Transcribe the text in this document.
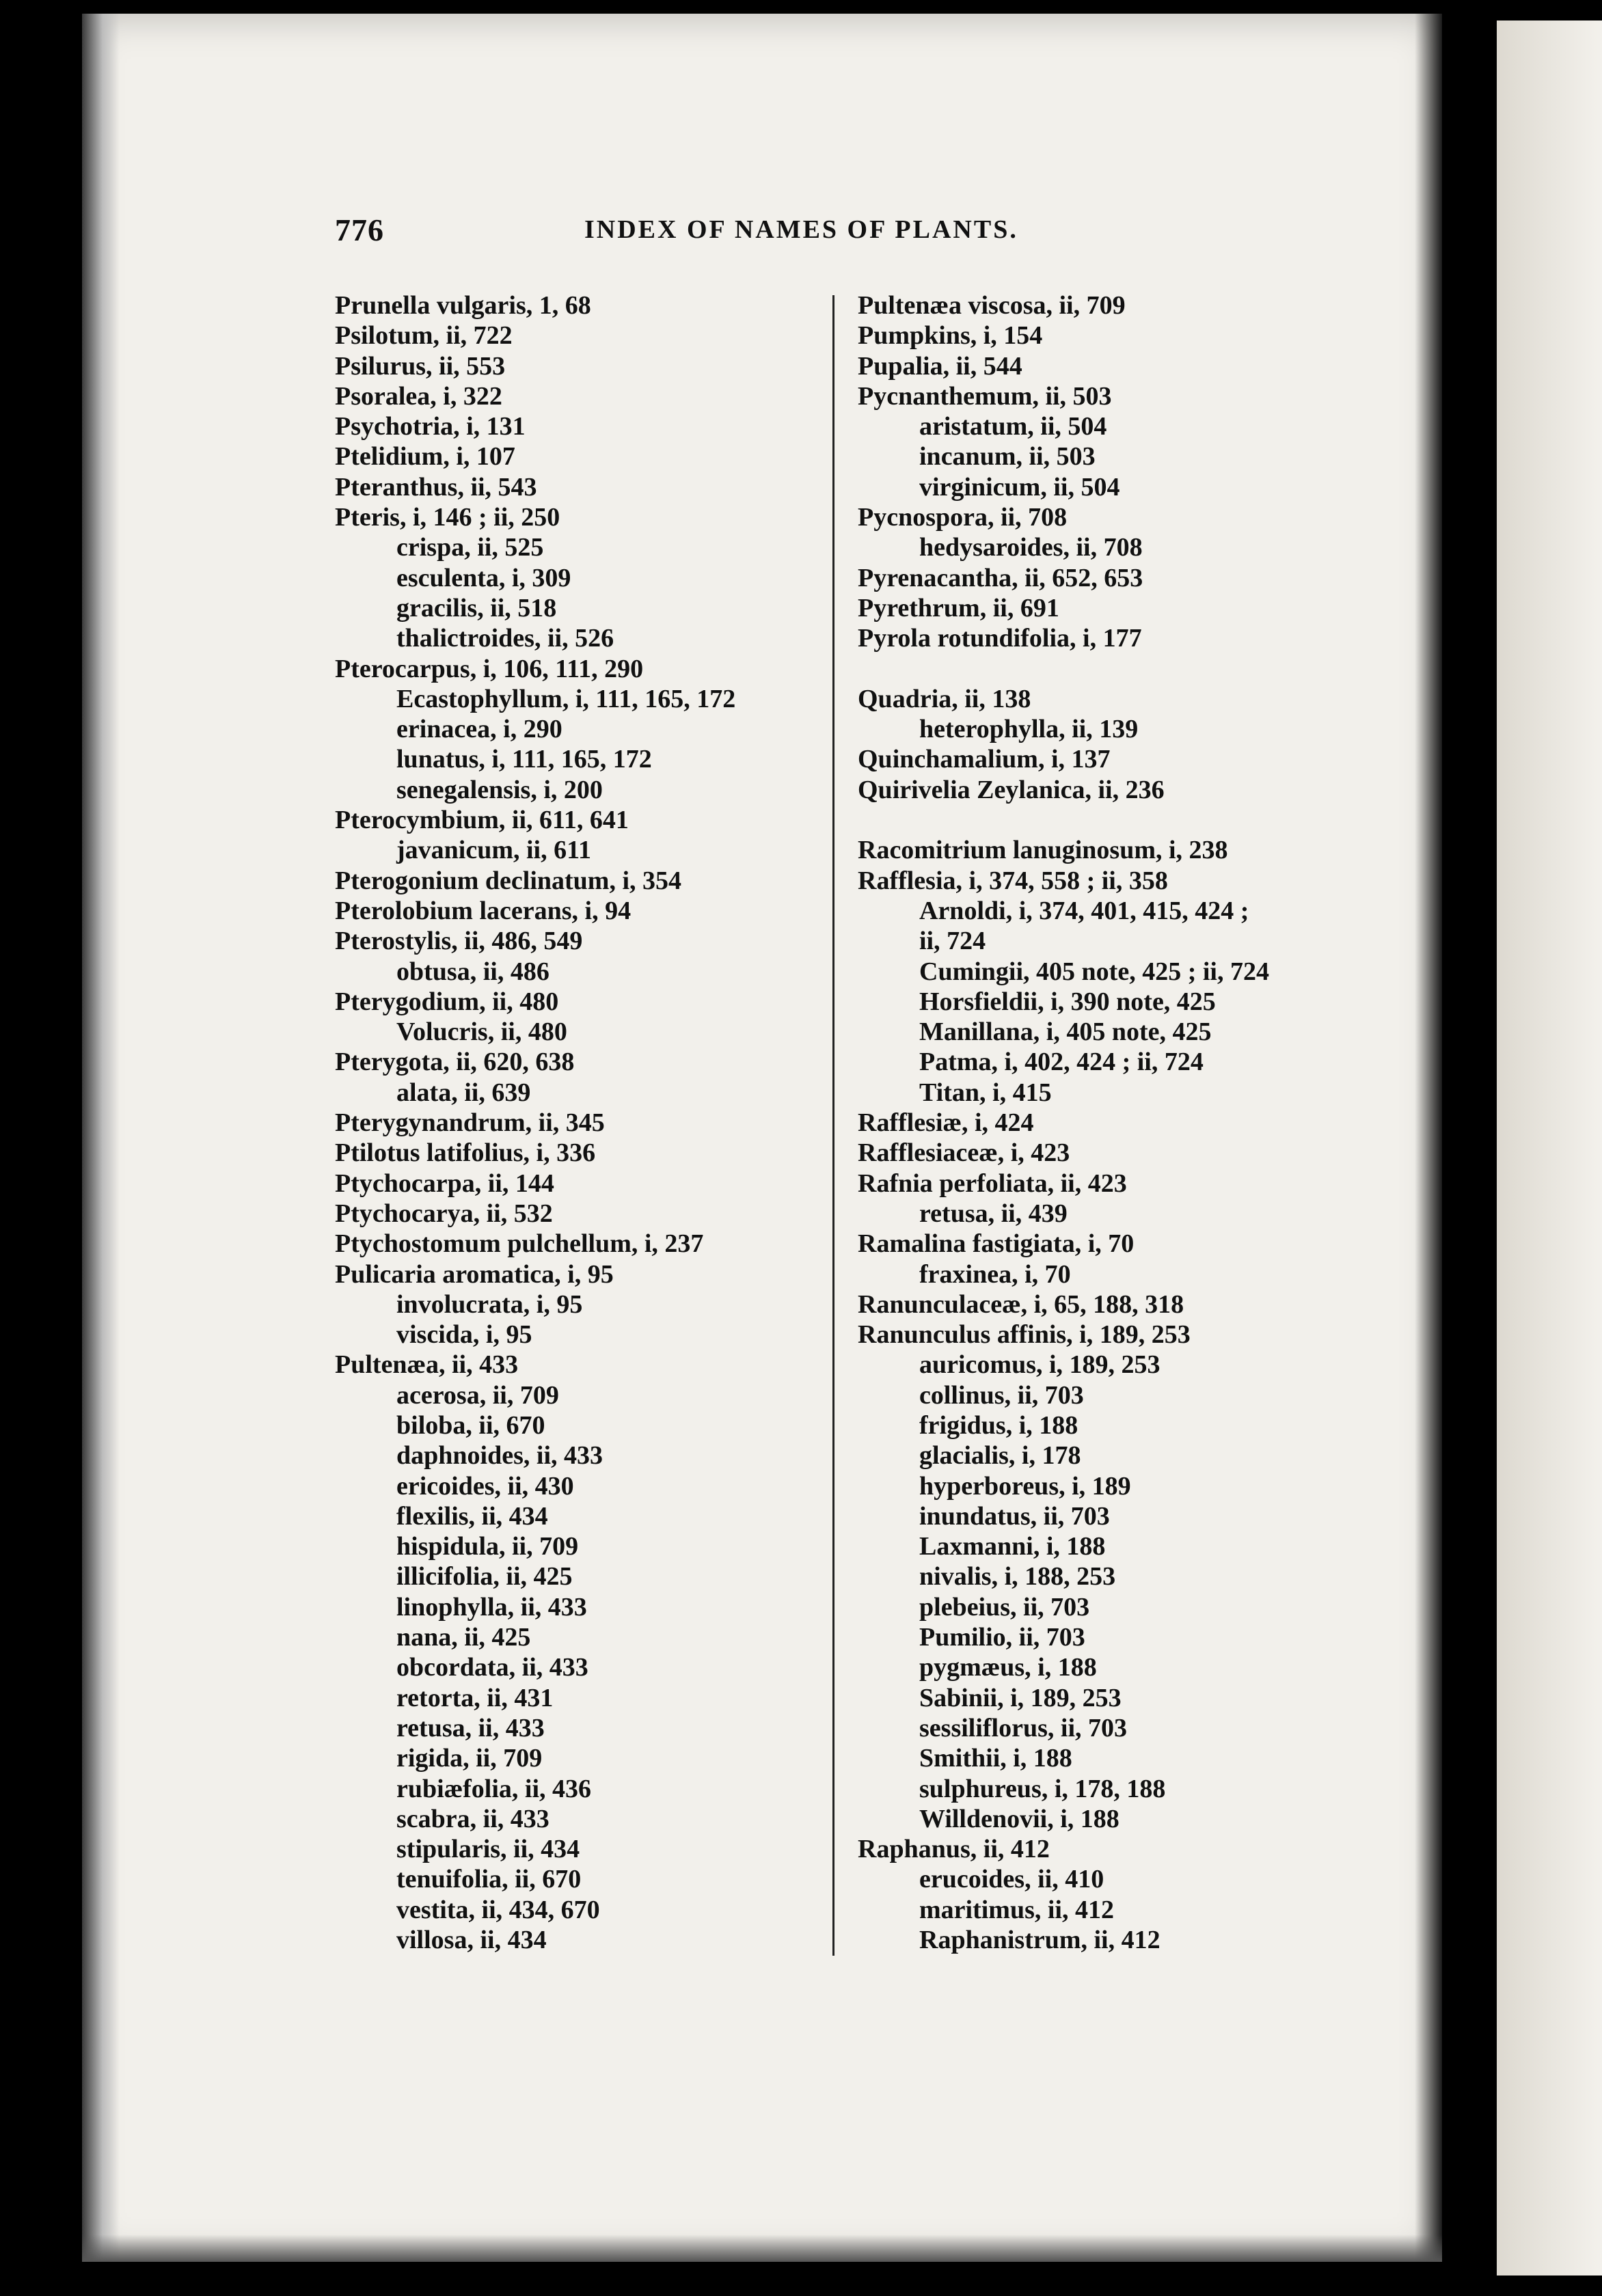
776	INDEX OF NAMES OF PLANTS.
Prunella vulgaris, 1, 68
Psilotum, ii, 722
Psilurus, ii, 553
Psoralea, i, 322
Psychotria, i, 131
Ptelidium, i, 107
Pteranthus, ii, 543
Pteris, i, 146 ; ii, 250
crispa, ii, 525
esculenta, i, 309
gracilis, ii, 518
thalictroides, ii, 526
Pterocarpus, i, 106, 111, 290
Ecastophyllum, i, 111, 165, 172
erinacea, i, 290
lunatus, i, 111, 165, 172
senegalensis, i, 200
Pterocymbium, ii, 611, 641
javanicum, ii, 611
Pterogonium declinatum, i, 354
Pterolobium lacerans, i, 94
Pterostylis, ii, 486, 549
obtusa, ii, 486
Pterygodium, ii, 480
Volucris, ii, 480
Pterygota, ii, 620, 638
alata, ii, 639
Pterygynandrum, ii, 345
Ptilotus latifolius, i, 336
Ptychocarpa, ii, 144
Ptychocarya, ii, 532
Ptychostomum pulchellum, i, 237
Pulicaria aromatica, i, 95
involucrata, i, 95
viscida, i, 95
Pultenæa, ii, 433
acerosa, ii, 709
biloba, ii, 670
daphnoides, ii, 433
ericoides, ii, 430
flexilis, ii, 434
hispidula, ii, 709
illicifolia, ii, 425
linophylla, ii, 433
nana, ii, 425
obcordata, ii, 433
retorta, ii, 431
retusa, ii, 433
rigida, ii, 709
rubiæfolia, ii, 436
scabra, ii, 433
stipularis, ii, 434
tenuifolia, ii, 670
vestita, ii, 434, 670
villosa, ii, 434
Pultenæa viscosa, ii, 709
Pumpkins, i, 154
Pupalia, ii, 544
Pycnanthemum, ii, 503
aristatum, ii, 504
incanum, ii, 503
virginicum, ii, 504
Pycnospora, ii, 708
hedysaroides, ii, 708
Pyrenacantha, ii, 652, 653
Pyrethrum, ii, 691
Pyrola rotundifolia, i, 177
Quadria, ii, 138
heterophylla, ii, 139
Quinchamalium, i, 137
Quirivelia Zeylanica, ii, 236
Racomitrium lanuginosum, i, 238
Rafflesia, i, 374, 558 ; ii, 358
Arnoldi, i, 374, 401, 415, 424 ;
ii, 724
Cumingii, 405 note, 425 ; ii, 724
Horsfieldii, i, 390 note, 425
Manillana, i, 405 note, 425
Patma, i, 402, 424 ; ii, 724
Titan, i, 415
Rafflesiæ, i, 424
Rafflesiaceæ, i, 423
Rafnia perfoliata, ii, 423
retusa, ii, 439
Ramalina fastigiata, i, 70
fraxinea, i, 70
Ranunculaceæ, i, 65, 188, 318
Ranunculus affinis, i, 189, 253
auricomus, i, 189, 253
collinus, ii, 703
frigidus, i, 188
glacialis, i, 178
hyperboreus, i, 189
inundatus, ii, 703
Laxmanni, i, 188
nivalis, i, 188, 253
plebeius, ii, 703
Pumilio, ii, 703
pygmæus, i, 188
Sabinii, i, 189, 253
sessiliflorus, ii, 703
Smithii, i, 188
sulphureus, i, 178, 188
Willdenovii, i, 188
Raphanus, ii, 412
erucoides, ii, 410
maritimus, ii, 412
Raphanistrum, ii, 412
